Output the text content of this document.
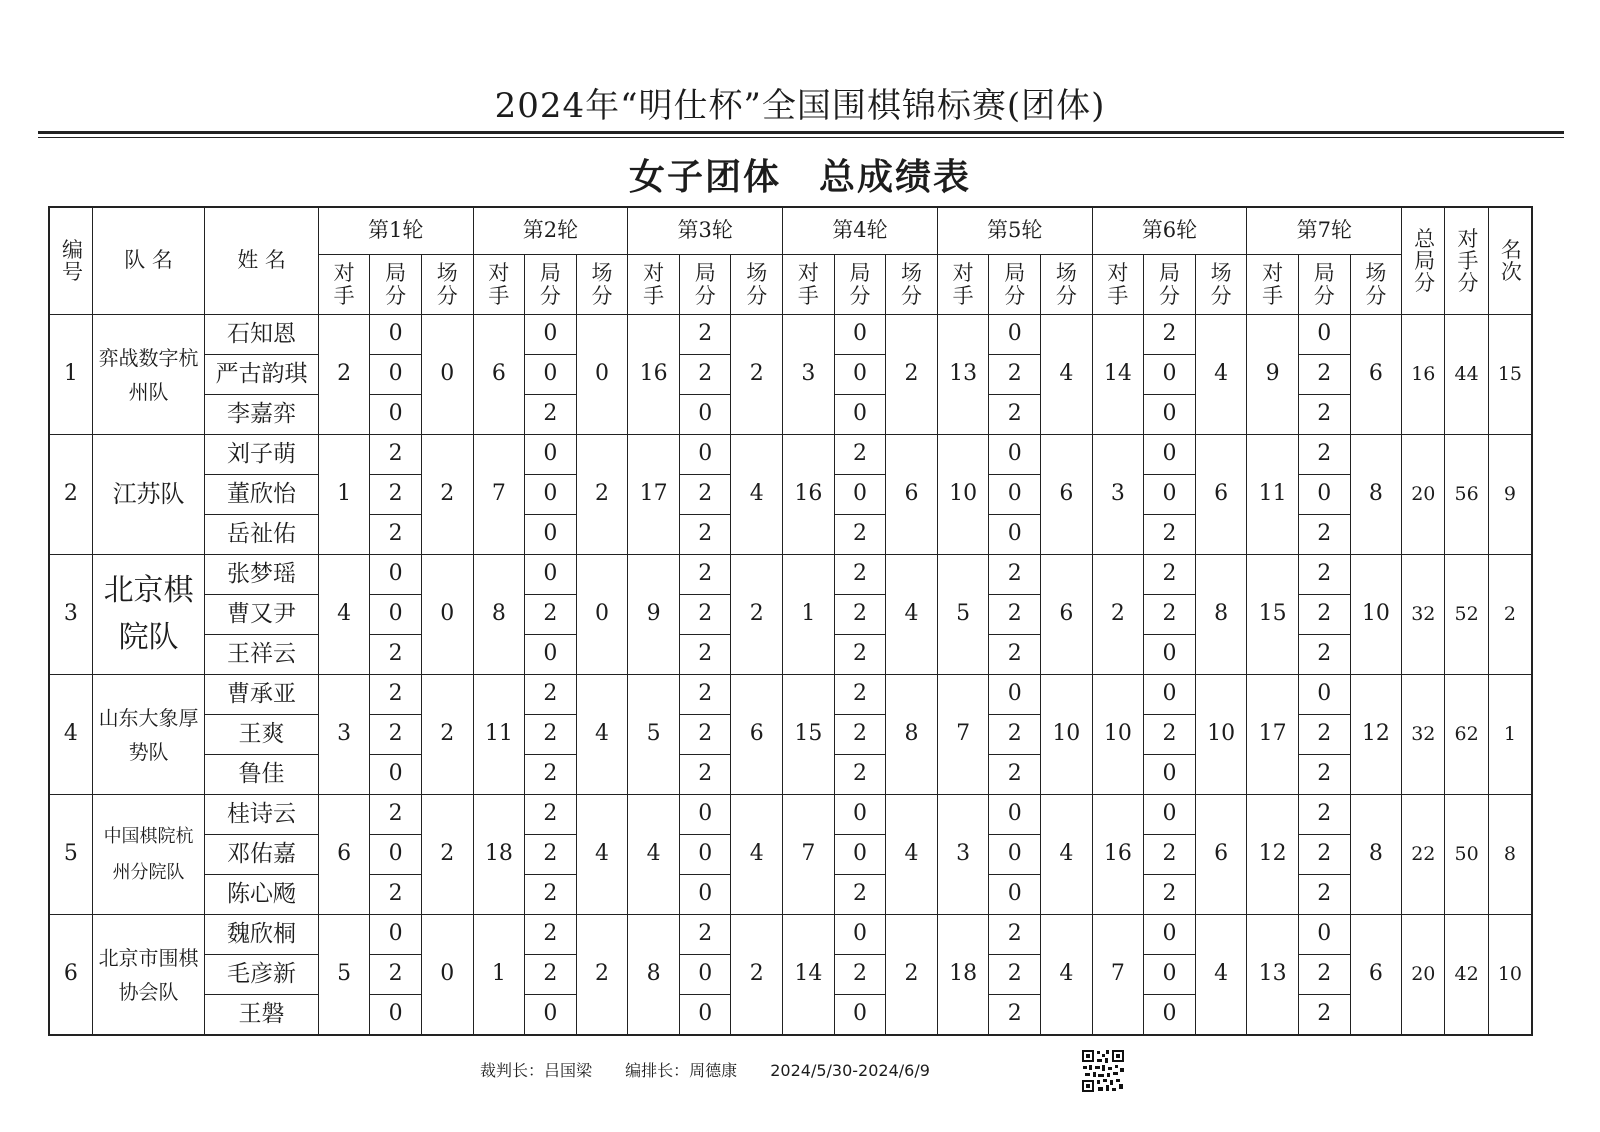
2024年“明仕杯”全国围棋锦标赛(团体)
女子团体　总成绩表
编号	队 名	姓 名	第1轮			第2轮			第3轮			第4轮			第5轮			第6轮			第7轮			总局分	对手分	名次
			对手	局分	场分	对手	局分	场分	对手	局分	场分	对手	局分	场分	对手	局分	场分	对手	局分	场分	对手	局分	场分			
1	弈战数字杭州队	石知恩	2	0	0	6	0	0	16	2	2	3	0	2	13	0	4	14	2	4	9	0	6	16	44	15
		严古韵琪		0			0			2			0			2			0			2				
		李嘉弈		0			2			0			0			2			0			2				
2	江苏队	刘子萌	1	2	2	7	0	2	17	0	4	16	2	6	10	0	6	3	0	6	11	2	8	20	56	9
		董欣怡		2			0			2			0			0			0			0				
		岳祉佑		2			0			2			2			0			2			2				
3	北京棋院队	张梦瑶	4	0	0	8	0	0	9	2	2	1	2	4	5	2	6	2	2	8	15	2	10	32	52	2
		曹又尹		0			2			2			2			2			2			2				
		王祥云		2			0			2			2			2			0			2				
4	山东大象厚势队	曹承亚	3	2	2	11	2	4	5	2	6	15	2	8	7	0	10	10	0	10	17	0	12	32	62	1
		王爽		2			2			2			2			2			2			2				
		鲁佳		0			2			2			2			2			0			2				
5	中国棋院杭州分院队	桂诗云	6	2	2	18	2	4	4	0	4	7	0	4	3	0	4	16	0	6	12	2	8	22	50	8
		邓佑嘉		0			2			0			0			0			2			2				
		陈心飏		2			2			0			2			0			2			2				
6	北京市围棋协会队	魏欣桐	5	0	0	1	2	2	8	2	2	14	0	2	18	2	4	7	0	4	13	0	6	20	42	10
		毛彦新		2			2			0			2			2			0			2				
		王磐		0			0			0			0			2			0			2				
裁判长：吕国梁 编排长：周德康 2024/5/30-2024/6/9
